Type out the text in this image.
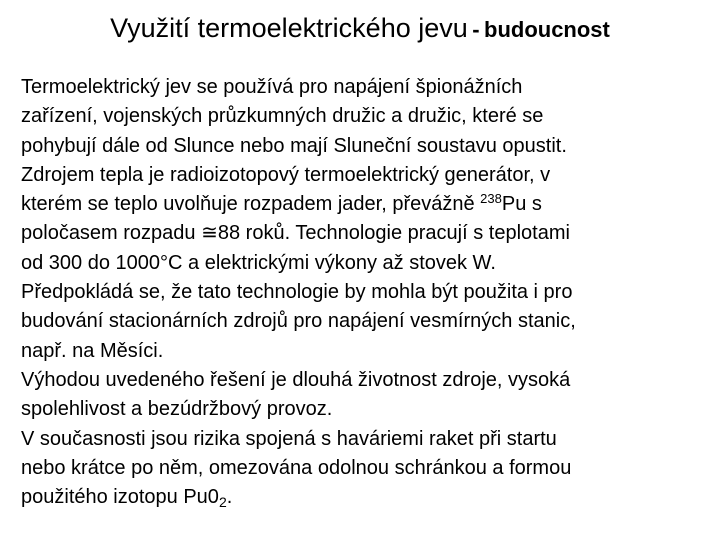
Využití termoelektrického jevu - budoucnost

Termoelektrický jev se používá pro napájení špionážních
zařízení, vojenských průzkumných družic a družic, které se
pohybují dále od Slunce nebo mají Sluneční soustavu opustit.

Zdrojem tepla je radioizotopový termoelektrický generátor, v
kterém se teplo uvolňuje rozpadem jader, převážně $^{238}$Pu s
poločasem rozpadu ≅88 roků. Technologie pracují s teplotami
od 300 do 1000°C a elektrickými výkony až stovek W.

Předpokládá se, že tato technologie by mohla být použita i pro
budování stacionárních zdrojů pro napájení vesmírných stanic,
např. na Měsíci.

Výhodou uvedeného řešení je dlouhá životnost zdroje, vysoká
spolehlivost a bezúdržbový provoz.

V současnosti jsou rizika spojená s haváriemi raket při startu
nebo krátce po něm, omezována odolnou schránkou a formou
použitého izotopu $Pu0_2$.
